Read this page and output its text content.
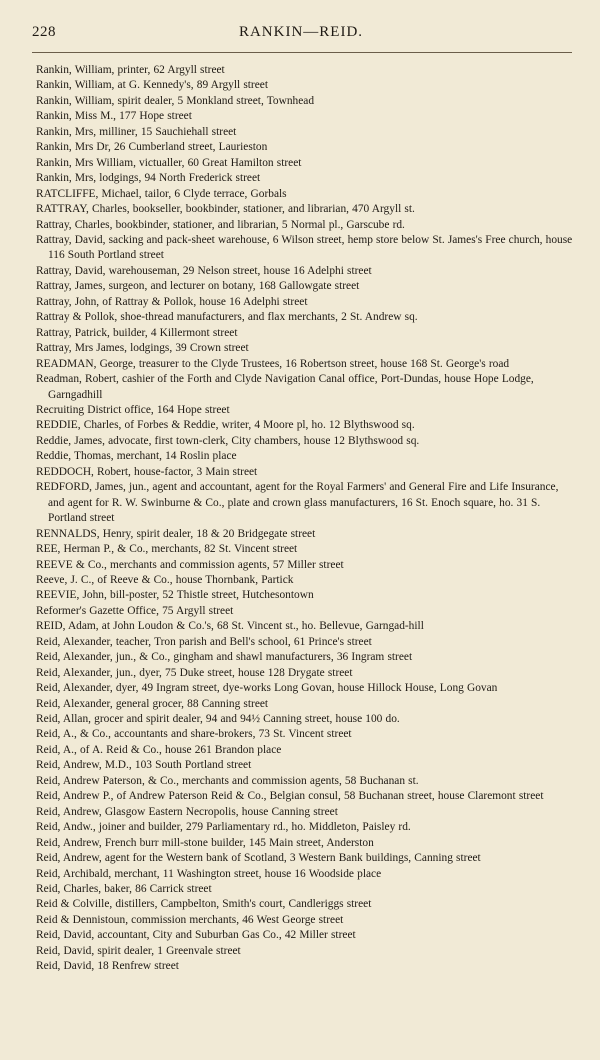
228	RANKIN—REID.
Rankin, William, printer, 62 Argyll street
Rankin, William, at G. Kennedy's, 89 Argyll street
Rankin, William, spirit dealer, 5 Monkland street, Townhead
Rankin, Miss M., 177 Hope street
Rankin, Mrs, milliner, 15 Sauchiehall street
Rankin, Mrs Dr, 26 Cumberland street, Laurieston
Rankin, Mrs William, victualler, 60 Great Hamilton street
Rankin, Mrs, lodgings, 94 North Frederick street
RATCLIFFE, Michael, tailor, 6 Clyde terrace, Gorbals
RATTRAY, Charles, bookseller, bookbinder, stationer, and librarian, 470 Argyll st.
Rattray, Charles, bookbinder, stationer, and librarian, 5 Normal pl., Garscube rd.
Rattray, David, sacking and pack-sheet warehouse, 6 Wilson street, hemp store below St. James's Free church, house 116 South Portland street
Rattray, David, warehouseman, 29 Nelson street, house 16 Adelphi street
Rattray, James, surgeon, and lecturer on botany, 168 Gallowgate street
Rattray, John, of Rattray & Pollok, house 16 Adelphi street
Rattray & Pollok, shoe-thread manufacturers, and flax merchants, 2 St. Andrew sq.
Rattray, Patrick, builder, 4 Killermont street
Rattray, Mrs James, lodgings, 39 Crown street
READMAN, George, treasurer to the Clyde Trustees, 16 Robertson street, house 168 St. George's road
Readman, Robert, cashier of the Forth and Clyde Navigation Canal office, Port-Dundas, house Hope Lodge, Garngadhill
Recruiting District office, 164 Hope street
REDDIE, Charles, of Forbes & Reddie, writer, 4 Moore pl, ho. 12 Blythswood sq.
Reddie, James, advocate, first town-clerk, City chambers, house 12 Blythswood sq.
Reddie, Thomas, merchant, 14 Roslin place
REDDOCH, Robert, house-factor, 3 Main street
REDFORD, James, jun., agent and accountant, agent for the Royal Farmers' and General Fire and Life Insurance, and agent for R. W. Swinburne & Co., plate and crown glass manufacturers, 16 St. Enoch square, ho. 31 S. Portland street
RENNALDS, Henry, spirit dealer, 18 & 20 Bridgegate street
REE, Herman P., & Co., merchants, 82 St. Vincent street
REEVE & Co., merchants and commission agents, 57 Miller street
Reeve, J. C., of Reeve & Co., house Thornbank, Partick
REEVIE, John, bill-poster, 52 Thistle street, Hutchesontown
Reformer's Gazette Office, 75 Argyll street
REID, Adam, at John Loudon & Co.'s, 68 St. Vincent st., ho. Bellevue, Garngad-hill
Reid, Alexander, teacher, Tron parish and Bell's school, 61 Prince's street
Reid, Alexander, jun., & Co., gingham and shawl manufacturers, 36 Ingram street
Reid, Alexander, jun., dyer, 75 Duke street, house 128 Drygate street
Reid, Alexander, dyer, 49 Ingram street, dye-works Long Govan, house Hillock House, Long Govan
Reid, Alexander, general grocer, 88 Canning street
Reid, Allan, grocer and spirit dealer, 94 and 94½ Canning street, house 100 do.
Reid, A., & Co., accountants and share-brokers, 73 St. Vincent street
Reid, A., of A. Reid & Co., house 261 Brandon place
Reid, Andrew, M.D., 103 South Portland street
Reid, Andrew Paterson, & Co., merchants and commission agents, 58 Buchanan st.
Reid, Andrew P., of Andrew Paterson Reid & Co., Belgian consul, 58 Buchanan street, house Claremont street
Reid, Andrew, Glasgow Eastern Necropolis, house Canning street
Reid, Andw., joiner and builder, 279 Parliamentary rd., ho. Middleton, Paisley rd.
Reid, Andrew, French burr mill-stone builder, 145 Main street, Anderston
Reid, Andrew, agent for the Western bank of Scotland, 3 Western Bank buildings, Canning street
Reid, Archibald, merchant, 11 Washington street, house 16 Woodside place
Reid, Charles, baker, 86 Carrick street
Reid & Colville, distillers, Campbelton, Smith's court, Candleriggs street
Reid & Dennistoun, commission merchants, 46 West George street
Reid, David, accountant, City and Suburban Gas Co., 42 Miller street
Reid, David, spirit dealer, 1 Greenvale street
Reid, David, 18 Renfrew street
